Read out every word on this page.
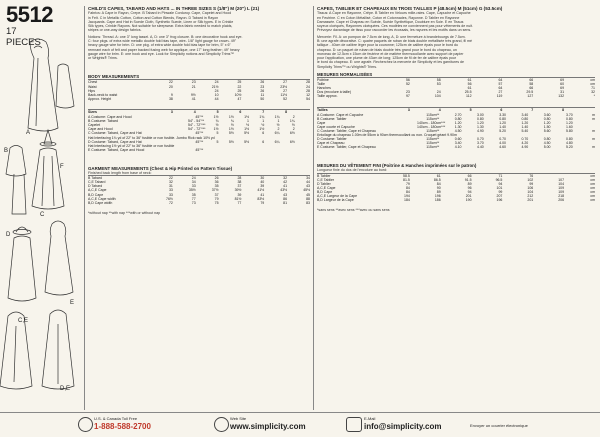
5512
17 PIECES
A
B
C
D
E
F
C,E
D,E
CHILD'S CAPES, TABARD AND HATS ... IN THREE SIZES S (1/8") M (20") L (21)
Fabrics: A Cape in Rayon, Crepe. B Tabard in Pinwale Corduroy. Cape, Capelet and Hood
in Felt. C in Metallic Cotton, Cotton and Cotton Blends, Rayon. D Tabard in Rayon
Jacquards. Cape and Hat in Suede Cloth, Synthetic Suede, Linen or Silk types. E in Crinkle
Silk types, Crinkle Rayons. Not suitable for sleepwear. Extra fabric needed to match plaids,
stripes or one-way design fabrics.
Notions: Thread. A: one 3" long tassel. A, D: one 3" frog closure. B: one decorative hook and eye.
C: four pkgs. of extra wide metallic double fold bias tape, wire- 1/8" light gauge for crown- 49"
heavy gauge wire for brim. D: one pkg. of extra wide double fold bias tape for brim, 5" x 6"
remnant each of felt and paper backed fusing web for applique, one 17" long feather; 49" heavy
gauge wire for brim. E: one hook and eye. Look for Simplicity notions and Simplicity Trims™
or Wrights® Trims.
BODY MEASUREMENTS
Chest	22	23	24	25	26	27	28
Waist	20	21	21½	22	23	23½	24
Hips			24	25	26	27	28
Back-neck to waist	9	9½	10	10½	11	11½	12
Approx. Height	38	41	44	47	50	52	54
Sizes	3	4	5	6	7	8	
A Costume: Cape and Hood	45"**	1½	1½	1½	1¾	1¾	2	
B Costume: Tabard	54" - 54"**	¾	¾	1	1	1	1¼	
Capelet	54" - 72"***	½	½	½	½	½	½	
Cape and Hood	54" - 72"***	1½	1½	1½	1½	2	2	
C Costume: Tabard, Cape and Hat	45"**	5	5½	5½	6	6¼	6½	
Hat Interfacing 1¾ yd of 22" to 36" fusible or non fusible. Jumbo Rick rack 10½ yd								
D Costume: Tabard, Cape and Hat	45"**	5	5½	5½	6	6¼	6½	
Hat Interfacing 1½ yd of 22" to 36" fusible or non fusible								
E Costume: Tabard, Cape and Hood	45"**							
GARMENT MEASUREMENTS (Chest & Hip Printed on Pattern Tissue)
Finished back length from base of neck:
B Tabard	22	24	26	28	30	32	34
C,E Tabard	32	34	36	38	40	42	44
D Tabard	31	33	35	37	39	41	43
A,C,E Cape	33	35½	37½	39½	41½	43½	45½
B,D Cape	33	35	37	39	41	43	45
A,C,E Cape width	76½	77	79	81½	83½	86	88
B,D Cape width	72	73	75	77	79	81	83
*without nap **with nap ***with or without nap
CAPES, TABLIER ET CHAPEAUX EN TROIS TAILLES P (48.5cm) M (51cm) G (53.5cm)
Tissus: A Cape en Rayonne, Crêpe. B Tablier en Velours mille-raies. Cape, Capuche et Capuche
en Feutrine. C en Coton Métallisé, Coton et Cotonnades, Rayonne. D Tablier en Rayonne
Damassée. Cape et Chapeau en Suède, Suède Synthétique, Doublure en Soie. E en Tissus
soyeux cloéqués, Rayonnes cloéquées. Ces modèles ne conviennent pas pour vêtements de nuit.
Prévoyez davantage de tissu pour raccorder les écossais, les rayures et les motifs dans un sens.
Mercerie: Fil. A: un pompon de 7.5cm de long. A, D: une fermeture à brandebourgs de 7.5cm.
B: une agrafe décorative. C: quatre paquets de ruban de biais double métallisée très grand, fil mé
tallique - 40cm de calibre léger pour la couronne; 125cm de calibre épais pour le bord du
chapeau. D: un paquet de ruban de biais double très grand pour le bord du chapeau, un
morceau de 12.5cm x 15cm de feutrine et de matière thermocollante avec support de papier
pour l'application, une plume de 43cm de long; 125cm de fil de fer de calibre épais pour
le bord du chapeau. E: une agrafe. Recherchez la mercerie de Simplicity et les garnitures de
Simplicity Trims™ ou Wrights® Trims.
MESURES NORMALISÉES
Poitrine	56	58	61	64	66	69	cm
Taille	52	53	56	57	58	60	cm
Hanches			61	64	66	69	71
Dos (encolure à taille)	23	24	25.5	27	29.5	31	32
Taille approx.	97	104	112	119	127	132	*
Tailles	3	4	5	6	7	8	
A Costume: Cape et Capuche	115cm**	2.70	3.00	3.30	3.40	3.60	3.70	m
B Costume: Tablier	115cm**	0.80	0.80	0.80	0.80	0.80	0.80	m
Cape	140cm - 180cm***	1.20	1.20	1.20	1.20	1.20	1.20	
Cape courte et Capuche	140cm - 180cm***	1.30	1.30	1.40	1.40	1.50	1.60	
C Costume: Tablier, Cape et Chapeau	115cm**	4.50	4.90	5.20	5.40	5.60	5.80	m
Entoilage du chapeau 1.00m de 55cm à 90cm thermocollant ou non. Croquet géant 9.90m								
D Costume: Tablier	115cm**	0.60	0.70	0.70	0.70	0.80	0.80	m
Cape et Chapeau	115cm**	3.40	3.70	4.00	4.20	4.50	4.80	
E Costume: Tablier, Cape et Chapeau	115cm**	4.10	4.40	4.60	4.90	5.00	5.20	m
MESURES DU VÊTEMENT FINI (Poitrine & Hanches imprimées sur le patron)
Longueur finie du dos de l'encolure au bord:
B Tablier	58.5	61	66	71	76		cm
C,E Tablier	81.5	86.5	91.5	96.5	102	107	cm
D Tablier	79	84	89	94	99	104	cm
A,C,E Cape	84	90	96	101	106	109	cm
B,D Cape	84	89	94	99	104	109	cm
A,C,E Largeur de la Cape	194	196	201	207	212	218	cm
B,D Largeur de la Cape	184	186	190	196	201	206	cm
*sans sens **avec sens ***avec ou sans sens
U.S. & Canada Toll Free
1-888-588-2700
Web Site
www.simplicity.com
E-Mail
info@simplicity.com	Envoyer un courrier électronique
